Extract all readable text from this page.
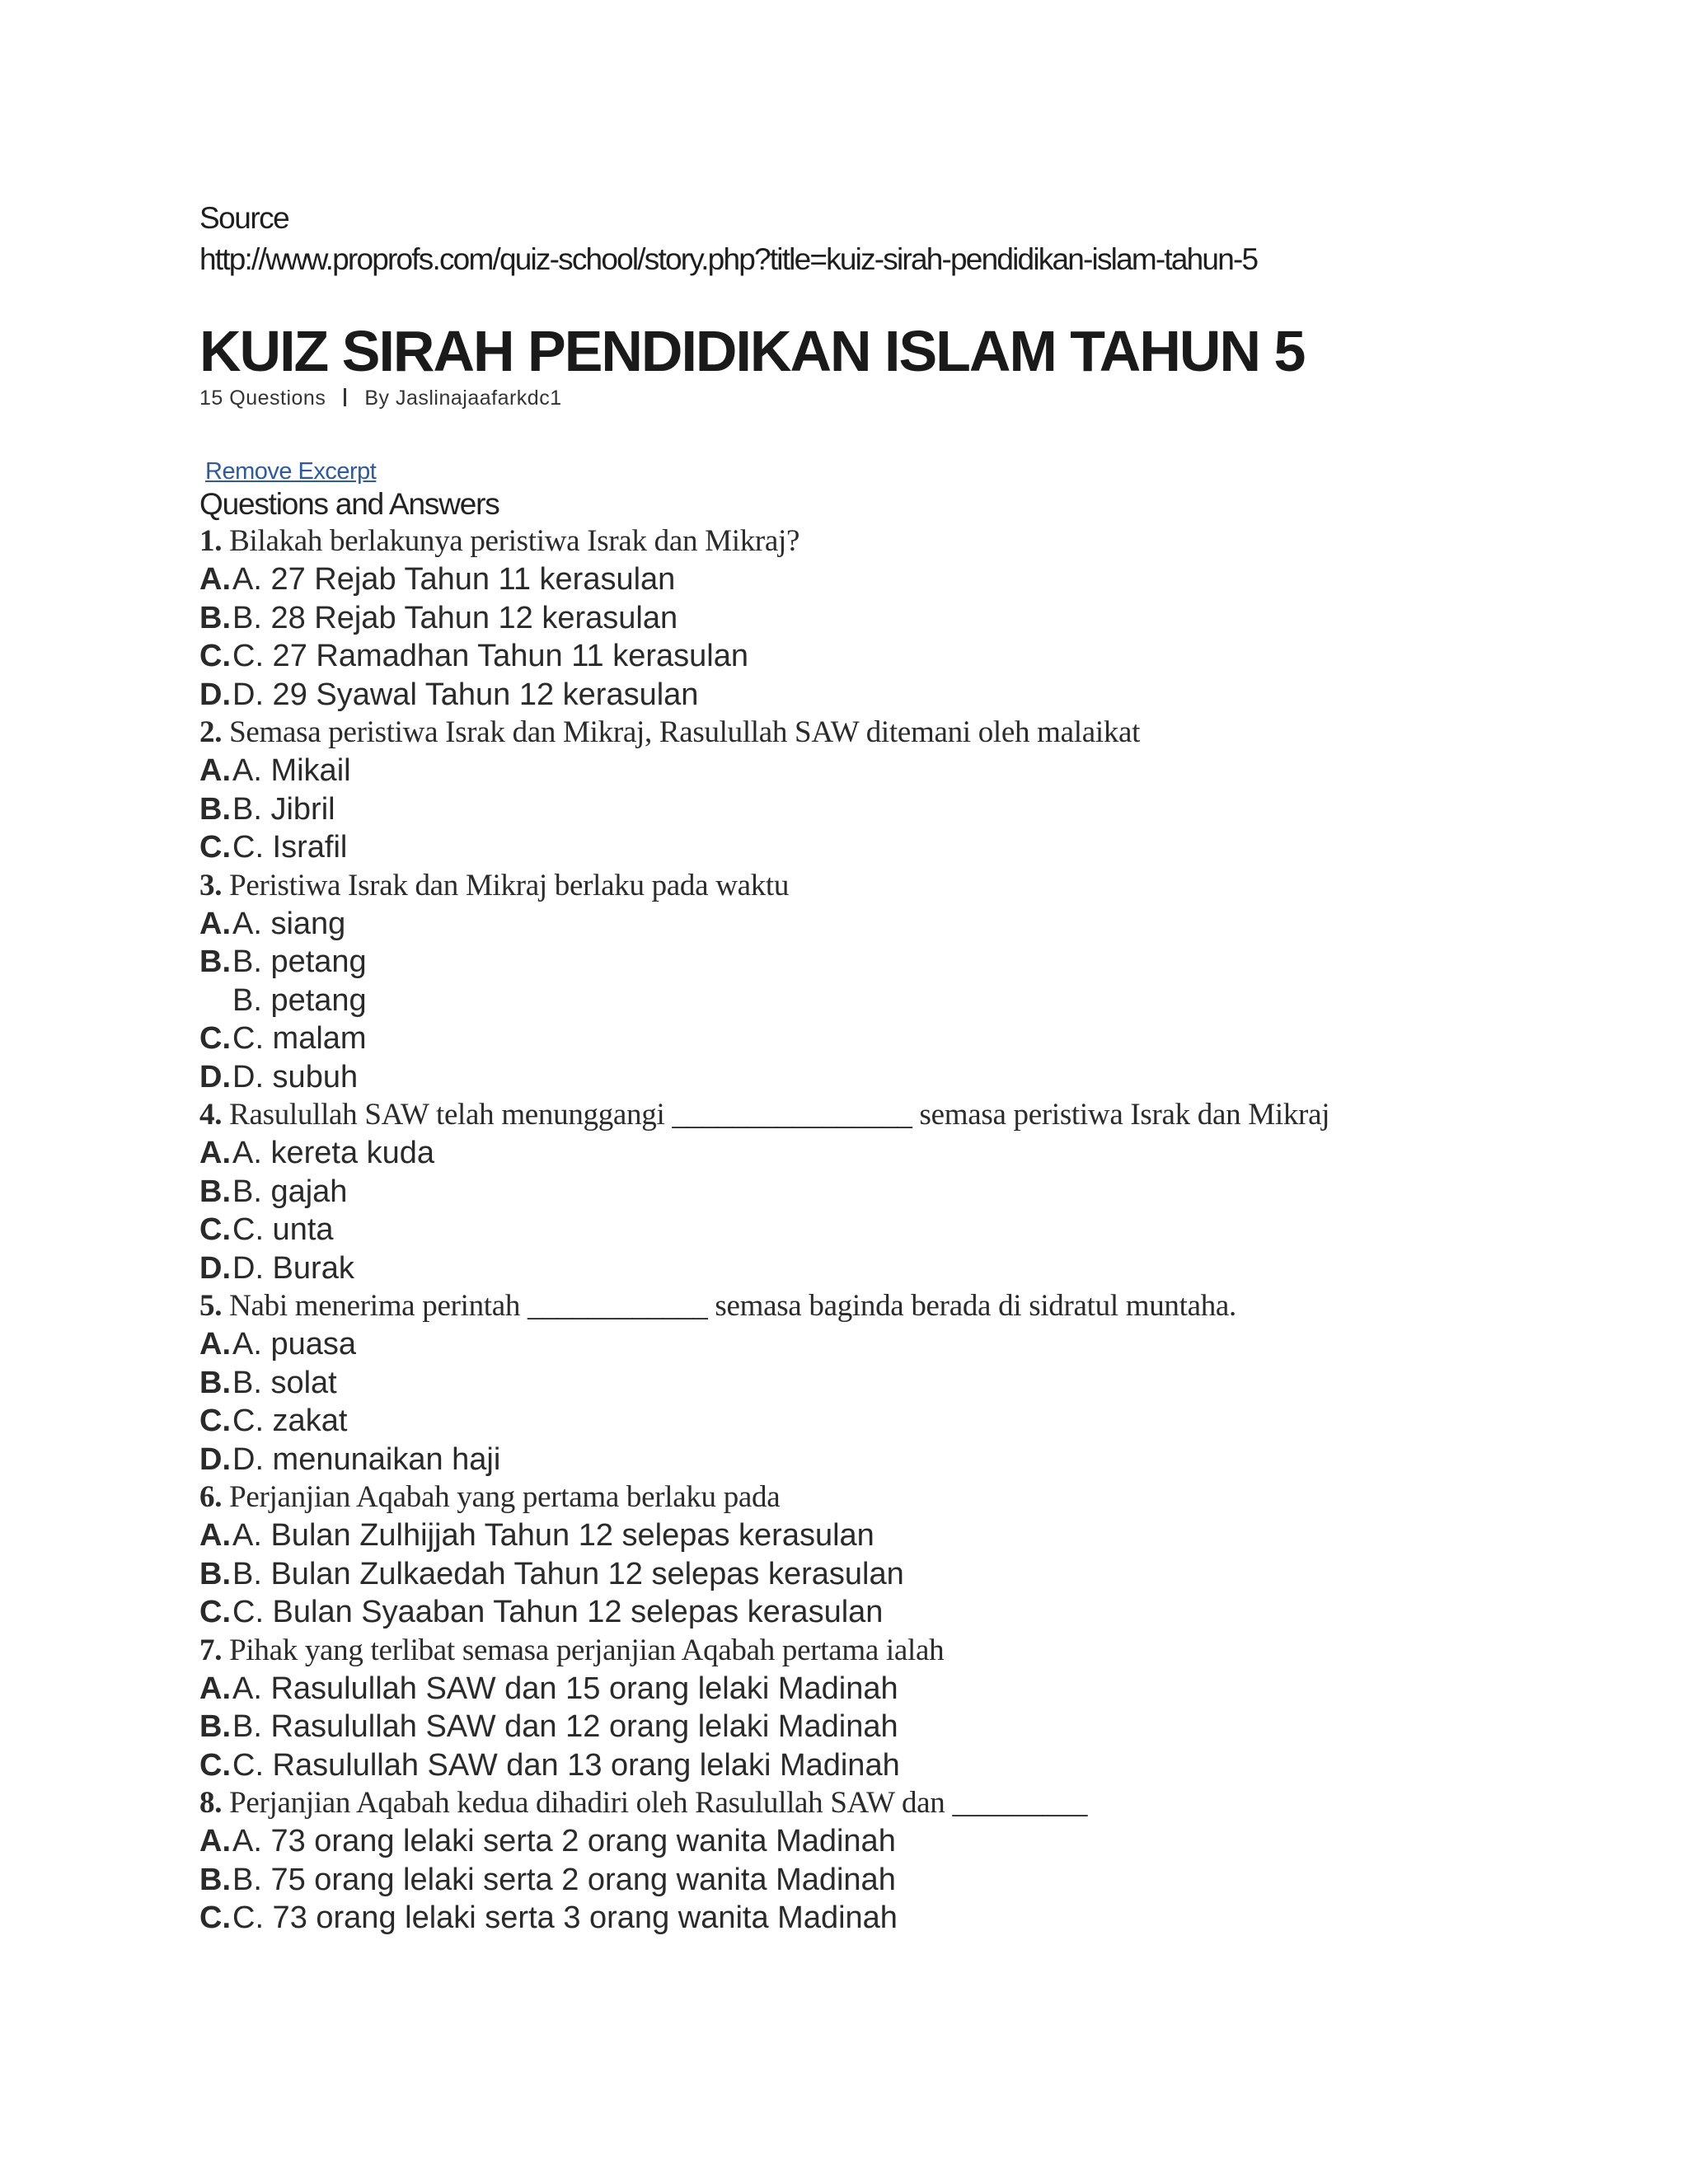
Source
http://www.proprofs.com/quiz-school/story.php?title=kuiz-sirah-pendidikan-islam-tahun-5
KUIZ SIRAH PENDIDIKAN ISLAM TAHUN 5
15 Questions By Jaslinajaafarkdc1
Remove Excerpt
Questions and Answers
1. Bilakah berlakunya peristiwa Israk dan Mikraj?
A.A. 27 Rejab Tahun 11 kerasulan
B.B. 28 Rejab Tahun 12 kerasulan
C.C. 27 Ramadhan Tahun 11 kerasulan
D.D. 29 Syawal Tahun 12 kerasulan
2. Semasa peristiwa Israk dan Mikraj, Rasulullah SAW ditemani oleh malaikat
A.A. Mikail
B.B. Jibril
C.C. Israfil
3. Peristiwa Israk dan Mikraj berlaku pada waktu
A.A. siang
B.B. petang
B. petang
C.C. malam
D.D. subuh
4. Rasulullah SAW telah menunggangi ________________ semasa peristiwa Israk dan Mikraj
A.A. kereta kuda
B.B. gajah
C.C. unta
D.D. Burak
5. Nabi menerima perintah ____________ semasa baginda berada di sidratul muntaha.
A.A. puasa
B.B. solat
C.C. zakat
D.D. menunaikan haji
6. Perjanjian Aqabah yang pertama berlaku pada
A.A. Bulan Zulhijjah Tahun 12 selepas kerasulan
B.B. Bulan Zulkaedah Tahun 12 selepas kerasulan
C.C. Bulan Syaaban Tahun 12 selepas kerasulan
7. Pihak yang terlibat semasa perjanjian Aqabah pertama ialah
A.A. Rasulullah SAW dan 15 orang lelaki Madinah
B.B. Rasulullah SAW dan 12 orang lelaki Madinah
C.C. Rasulullah SAW dan 13 orang lelaki Madinah
8. Perjanjian Aqabah kedua dihadiri oleh Rasulullah SAW dan _________
A.A. 73 orang lelaki serta 2 orang wanita Madinah
B.B. 75 orang lelaki serta 2 orang wanita Madinah
C.C. 73 orang lelaki serta 3 orang wanita Madinah
